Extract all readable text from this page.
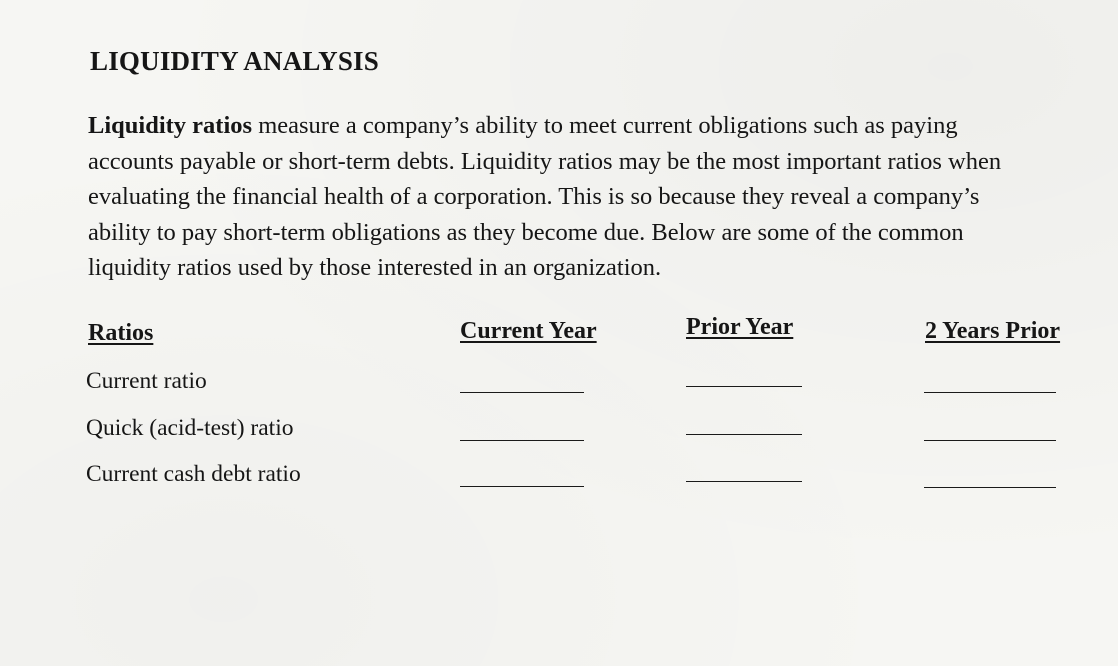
LIQUIDITY ANALYSIS

Liquidity ratios measure a company’s ability to meet current obligations such as paying accounts payable or short-term debts. Liquidity ratios may be the most important ratios when evaluating the financial health of a corporation. This is so because they reveal a company’s ability to pay short-term obligations as they become due. Below are some of the common liquidity ratios used by those interested in an organization.

Ratios	Current Year	Prior Year	2 Years Prior
Current ratio
Quick (acid-test) ratio
Current cash debt ratio
